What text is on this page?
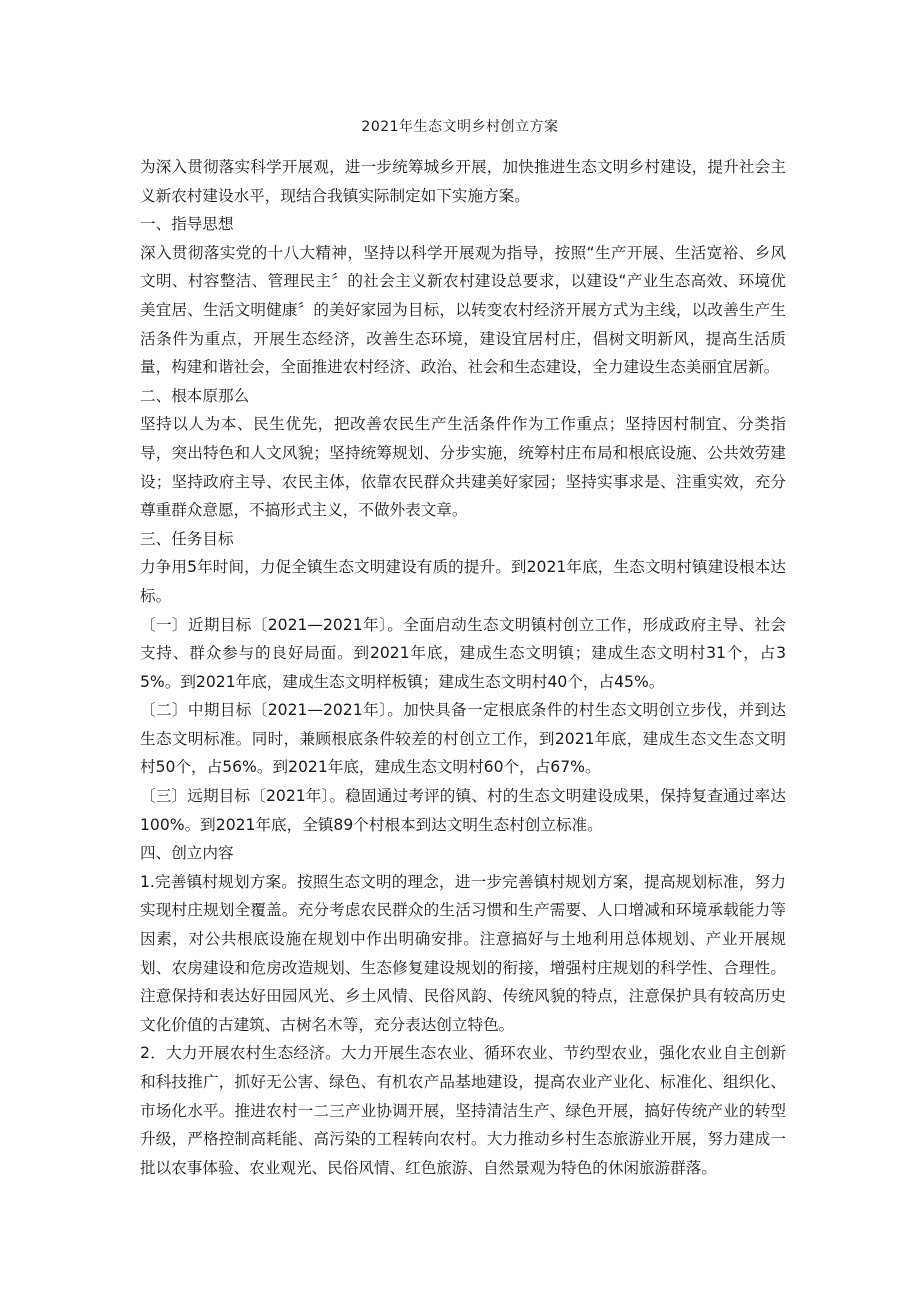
2021年生态文明乡村创立方案

为深入贯彻落实科学开展观，进一步统筹城乡开展，加快推进生态文明乡村建设，提升社会主义新农村建设水平，现结合我镇实际制定如下实施方案。

一、指导思想

深入贯彻落实党的十八大精神，坚持以科学开展观为指导，按照“生产开展、生活宽裕、乡风文明、村容整洁、管理民主〞的社会主义新农村建设总要求，以建设“产业生态高效、环境优美宜居、生活文明健康〞的美好家园为目标，以转变农村经济开展方式为主线，以改善生产生活条件为重点，开展生态经济，改善生态环境，建设宜居村庄，倡树文明新风，提高生活质量，构建和谐社会，全面推进农村经济、政治、社会和生态建设，全力建设生态美丽宜居新。

二、根本原那么

坚持以人为本、民生优先，把改善农民生产生活条件作为工作重点；坚持因村制宜、分类指导，突出特色和人文风貌；坚持统筹规划、分步实施，统筹村庄布局和根底设施、公共效劳建设；坚持政府主导、农民主体，依靠农民群众共建美好家园；坚持实事求是、注重实效，充分尊重群众意愿，不搞形式主义，不做外表文章。

三、任务目标

力争用5年时间，力促全镇生态文明建设有质的提升。到2021年底，生态文明村镇建设根本达标。

〔一〕近期目标〔2021—2021年〕。全面启动生态文明镇村创立工作，形成政府主导、社会支持、群众参与的良好局面。到2021年底，建成生态文明镇；建成生态文明村31个，占35%。到2021年底，建成生态文明样板镇；建成生态文明村40个，占45%。

〔二〕中期目标〔2021—2021年〕。加快具备一定根底条件的村生态文明创立步伐，并到达生态文明标准。同时，兼顾根底条件较差的村创立工作，到2021年底，建成生态文生态文明村50个，占56%。到2021年底，建成生态文明村60个，占67%。

〔三〕远期目标〔2021年〕。稳固通过考评的镇、村的生态文明建设成果，保持复查通过率达100%。到2021年底，全镇89个村根本到达文明生态村创立标准。

四、创立内容

1.完善镇村规划方案。按照生态文明的理念，进一步完善镇村规划方案，提高规划标准，努力实现村庄规划全覆盖。充分考虑农民群众的生活习惯和生产需要、人口增减和环境承载能力等因素，对公共根底设施在规划中作出明确安排。注意搞好与土地利用总体规划、产业开展规划、农房建设和危房改造规划、生态修复建设规划的衔接，增强村庄规划的科学性、合理性。注意保持和表达好田园风光、乡土风情、民俗风韵、传统风貌的特点，注意保护具有较高历史文化价值的古建筑、古树名木等，充分表达创立特色。

2．大力开展农村生态经济。大力开展生态农业、循环农业、节约型农业，强化农业自主创新和科技推广，抓好无公害、绿色、有机农产品基地建设，提高农业产业化、标准化、组织化、市场化水平。推进农村一二三产业协调开展，坚持清洁生产、绿色开展，搞好传统产业的转型升级，严格控制高耗能、高污染的工程转向农村。大力推动乡村生态旅游业开展，努力建成一批以农事体验、农业观光、民俗风情、红色旅游、自然景观为特色的休闲旅游群落。
